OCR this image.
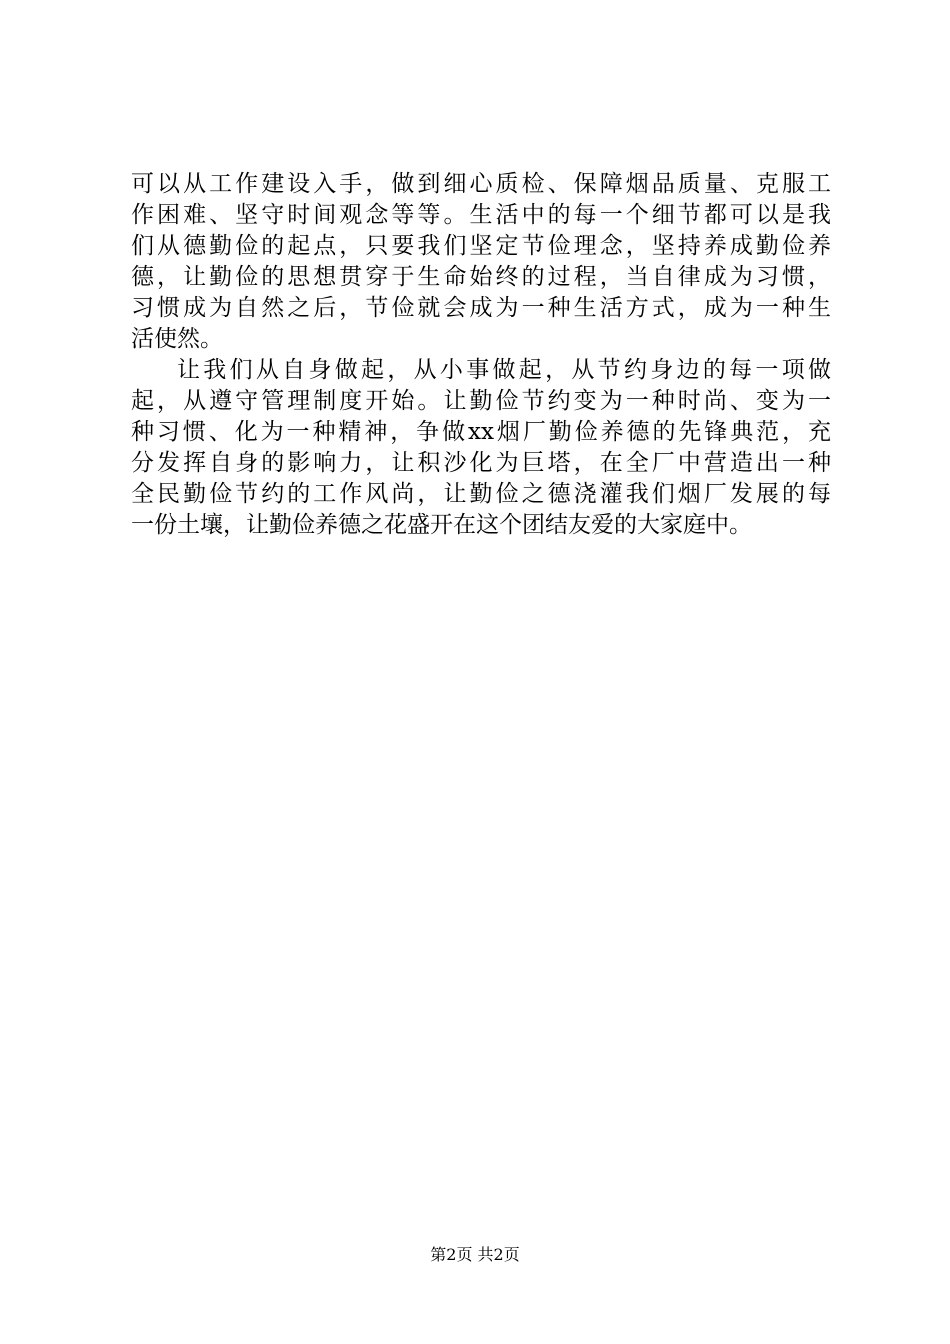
可以从工作建设入手，做到细心质检、保障烟品质量、克服工
作困难、坚守时间观念等等。生活中的每一个细节都可以是我
们从德勤俭的起点，只要我们坚定节俭理念，坚持养成勤俭养
德，让勤俭的思想贯穿于生命始终的过程，当自律成为习惯，
习惯成为自然之后，节俭就会成为一种生活方式，成为一种生
活使然。
让我们从自身做起，从小事做起，从节约身边的每一项做
起，从遵守管理制度开始。让勤俭节约变为一种时尚、变为一
种习惯、化为一种精神，争做xx烟厂勤俭养德的先锋典范，充
分发挥自身的影响力，让积沙化为巨塔，在全厂中营造出一种
全民勤俭节约的工作风尚，让勤俭之德浇灌我们烟厂发展的每
一份土壤，让勤俭养德之花盛开在这个团结友爱的大家庭中。
第2页 共2页
